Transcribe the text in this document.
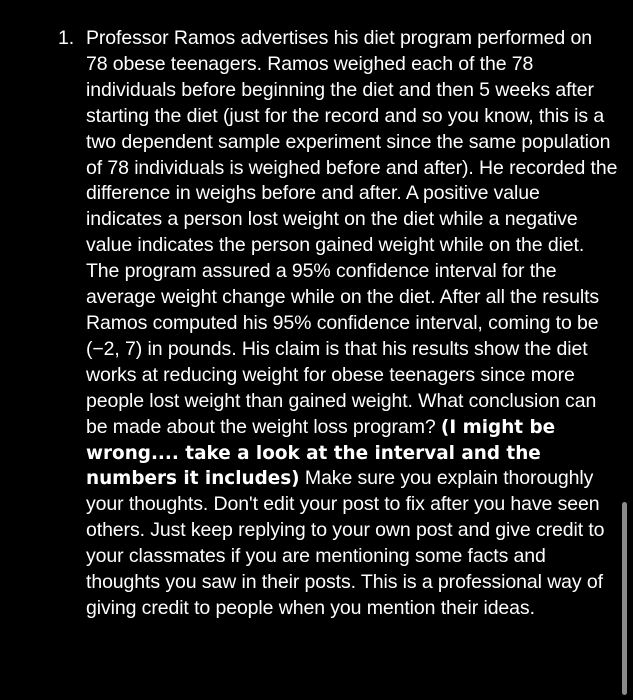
1. Professor Ramos advertises his diet program performed on 78 obese teenagers. Ramos weighed each of the 78 individuals before beginning the diet and then 5 weeks after starting the diet (just for the record and so you know, this is a two dependent sample experiment since the same population of 78 individuals is weighed before and after). He recorded the difference in weighs before and after. A positive value indicates a person lost weight on the diet while a negative value indicates the person gained weight while on the diet. The program assured a 95% confidence interval for the average weight change while on the diet. After all the results Ramos computed his 95% confidence interval, coming to be (−2, 7) in pounds. His claim is that his results show the diet works at reducing weight for obese teenagers since more people lost weight than gained weight. What conclusion can be made about the weight loss program? (I might be wrong.... take a look at the interval and the numbers it includes) Make sure you explain thoroughly your thoughts. Don't edit your post to fix after you have seen others. Just keep replying to your own post and give credit to your classmates if you are mentioning some facts and thoughts you saw in their posts. This is a professional way of giving credit to people when you mention their ideas.
